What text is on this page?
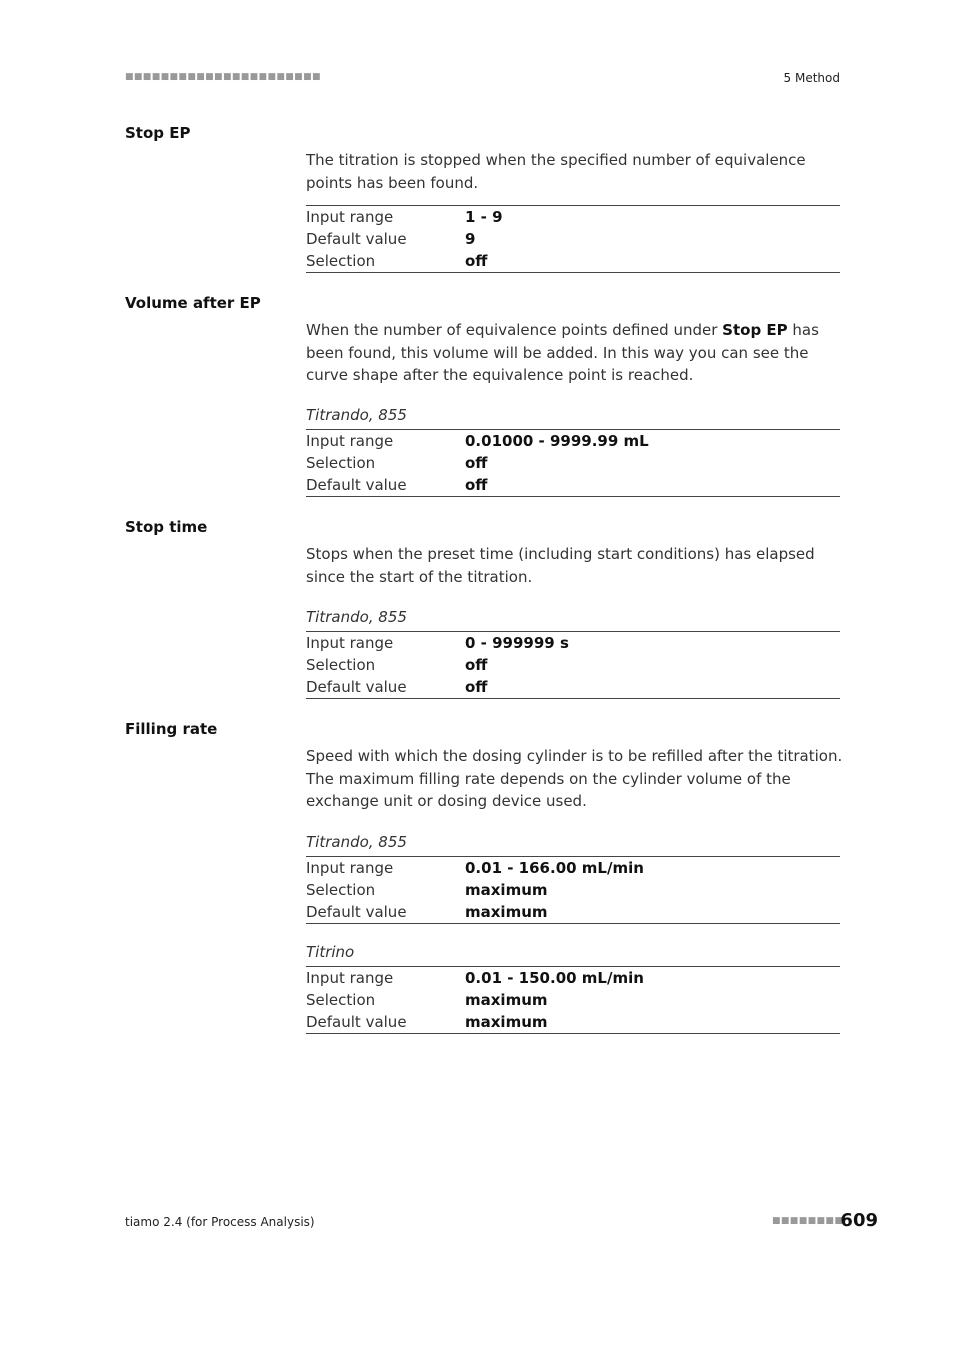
■■■■■■■■■■■■■■■■■■■■■■	5 Method
Stop EP
The titration is stopped when the specified number of equivalence points has been found.
Input range	1 - 9
Default value	9
Selection	off
Volume after EP
When the number of equivalence points defined under Stop EP has been found, this volume will be added. In this way you can see the curve shape after the equivalence point is reached.
Titrando, 855
Input range	0.01000 - 9999.99 mL
Selection	off
Default value	off
Stop time
Stops when the preset time (including start conditions) has elapsed since the start of the titration.
Titrando, 855
Input range	0 - 999999 s
Selection	off
Default value	off
Filling rate
Speed with which the dosing cylinder is to be refilled after the titration. The maximum filling rate depends on the cylinder volume of the exchange unit or dosing device used.
Titrando, 855
Input range	0.01 - 166.00 mL/min
Selection	maximum
Default value	maximum
Titrino
Input range	0.01 - 150.00 mL/min
Selection	maximum
Default value	maximum
tiamo 2.4 (for Process Analysis)	■■■■■■■■
609
